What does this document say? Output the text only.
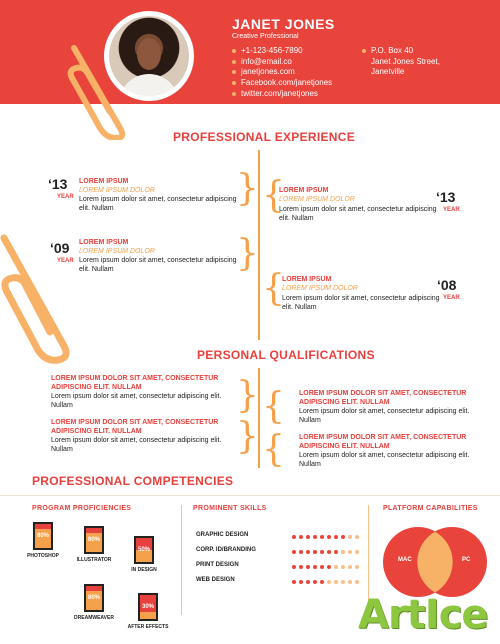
JANET JONES
Creative Professional
+1-123-456-7890
info@email.co
janetjones.com
Facebook.com/janetjones
twitter.com/janetjones
P.O. Box 40
Janet Jones Street,
Janetville
PROFESSIONAL EXPERIENCE
‘13
YEAR
LOREM IPSUM
LOREM IPSUM DOLOR
Lorem ipsum dolor sit amet, consectetur adipiscing elit. Nullam	} {
LOREM IPSUM
LOREM IPSUM DOLOR
Lorem ipsum dolor sit amet, consectetur adipiscing elit. Nullam
‘13
YEAR
‘09
YEAR
LOREM IPSUM
LOREM IPSUM DOLOR
Lorem ipsum dolor sit amet, consectetur adipiscing elit. Nullam	}
{
LOREM IPSUM
LOREM IPSUM DOLOR
Lorem ipsum dolor sit amet, consectetur adipiscing elit. Nullam
‘08
YEAR
PERSONAL QUALIFICATIONS
LOREM IPSUM DOLOR SIT AMET, CONSECTETUR ADIPISCING ELIT. NULLAM
Lorem ipsum dolor sit amet, consectetur adipiscing elit. Nullam	} { LOREM IPSUM DOLOR SIT AMET, CONSECTETUR ADIPISCING ELIT. NULLAM
Lorem ipsum dolor sit amet, consectetur adipiscing elit. Nullam
LOREM IPSUM DOLOR SIT AMET, CONSECTETUR ADIPISCING ELIT. NULLAM
Lorem ipsum dolor sit amet, consectetur adipiscing elit. Nullam	} { LOREM IPSUM DOLOR SIT AMET, CONSECTETUR ADIPISCING ELIT. NULLAM
Lorem ipsum dolor sit amet, consectetur adipiscing elit. Nullam
PROFESSIONAL COMPETENCIES
PROGRAM PROFICIENCIES	PROMINENT SKILLS	PLATFORM CAPABILITIES
80%
PHOTOSHOP
80%
ILLUSTRATOR
50%
IN DESIGN
80%
DREAMWEAVER
30%
AFTER EFFECTS
GRAPHIC DESIGN
CORP. ID/BRANDING
PRINT DESIGN
WEB DESIGN
MAC	PC
ArtIce
